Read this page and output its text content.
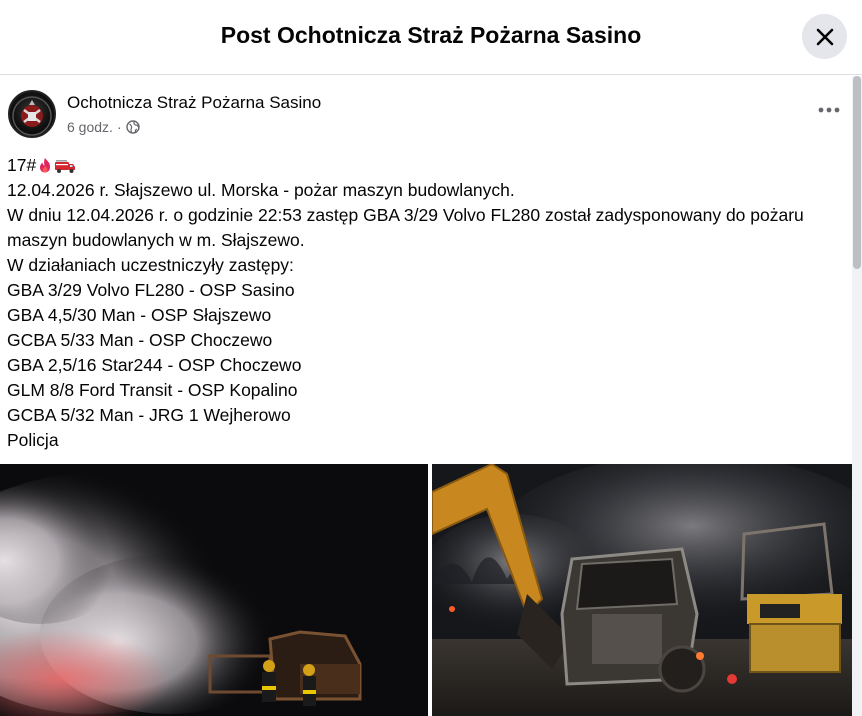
Post Ochotnicza Straż Pożarna Sasino
Ochotnicza Straż Pożarna Sasino
6 godz. ·
17#
12.04.2026 r. Słajszewo ul. Morska - pożar maszyn budowlanych.
W dniu 12.04.2026 r. o godzinie 22:53 zastęp GBA 3/29 Volvo FL280 został zadysponowany do pożaru maszyn budowlanych w m. Słajszewo.
W działaniach uczestniczyły zastępy:
GBA 3/29 Volvo FL280 - OSP Sasino
GBA 4,5/30 Man - OSP Słajszewo
GCBA 5/33 Man - OSP Choczewo
GBA 2,5/16 Star244 - OSP Choczewo
GLM 8/8 Ford Transit - OSP Kopalino
GCBA 5/32 Man - JRG 1 Wejherowo
Policja
